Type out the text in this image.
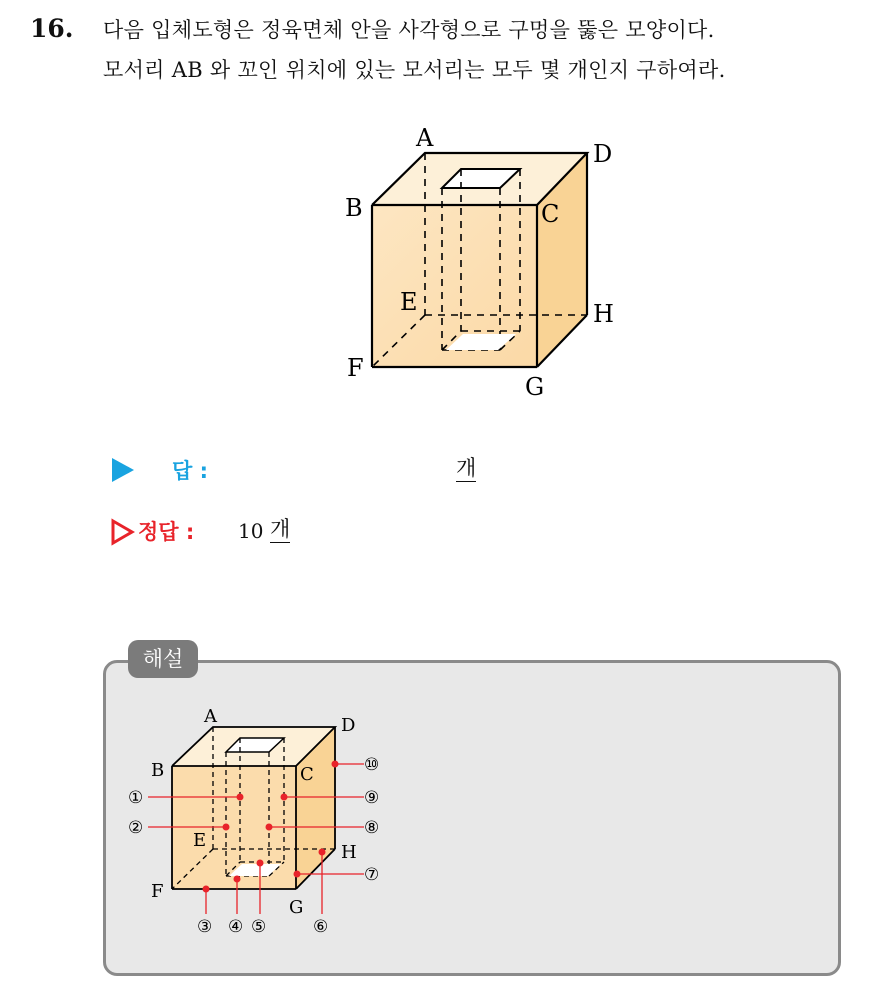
16. 다음 입체도형은 정육면체 안을 사각형으로 구멍을 뚫은 모양이다.
모서리 AB 와 꼬인 위치에 있는 모서리는 모두 몇 개인지 구하여라.
A
D
B	C
E	H
F
G
답 :	개
정답 : 10 개
해설
A	D
B	C
E
H
F
G
①
②
③ ④ ⑤	⑥
⑦
⑧
⑨
⑩
